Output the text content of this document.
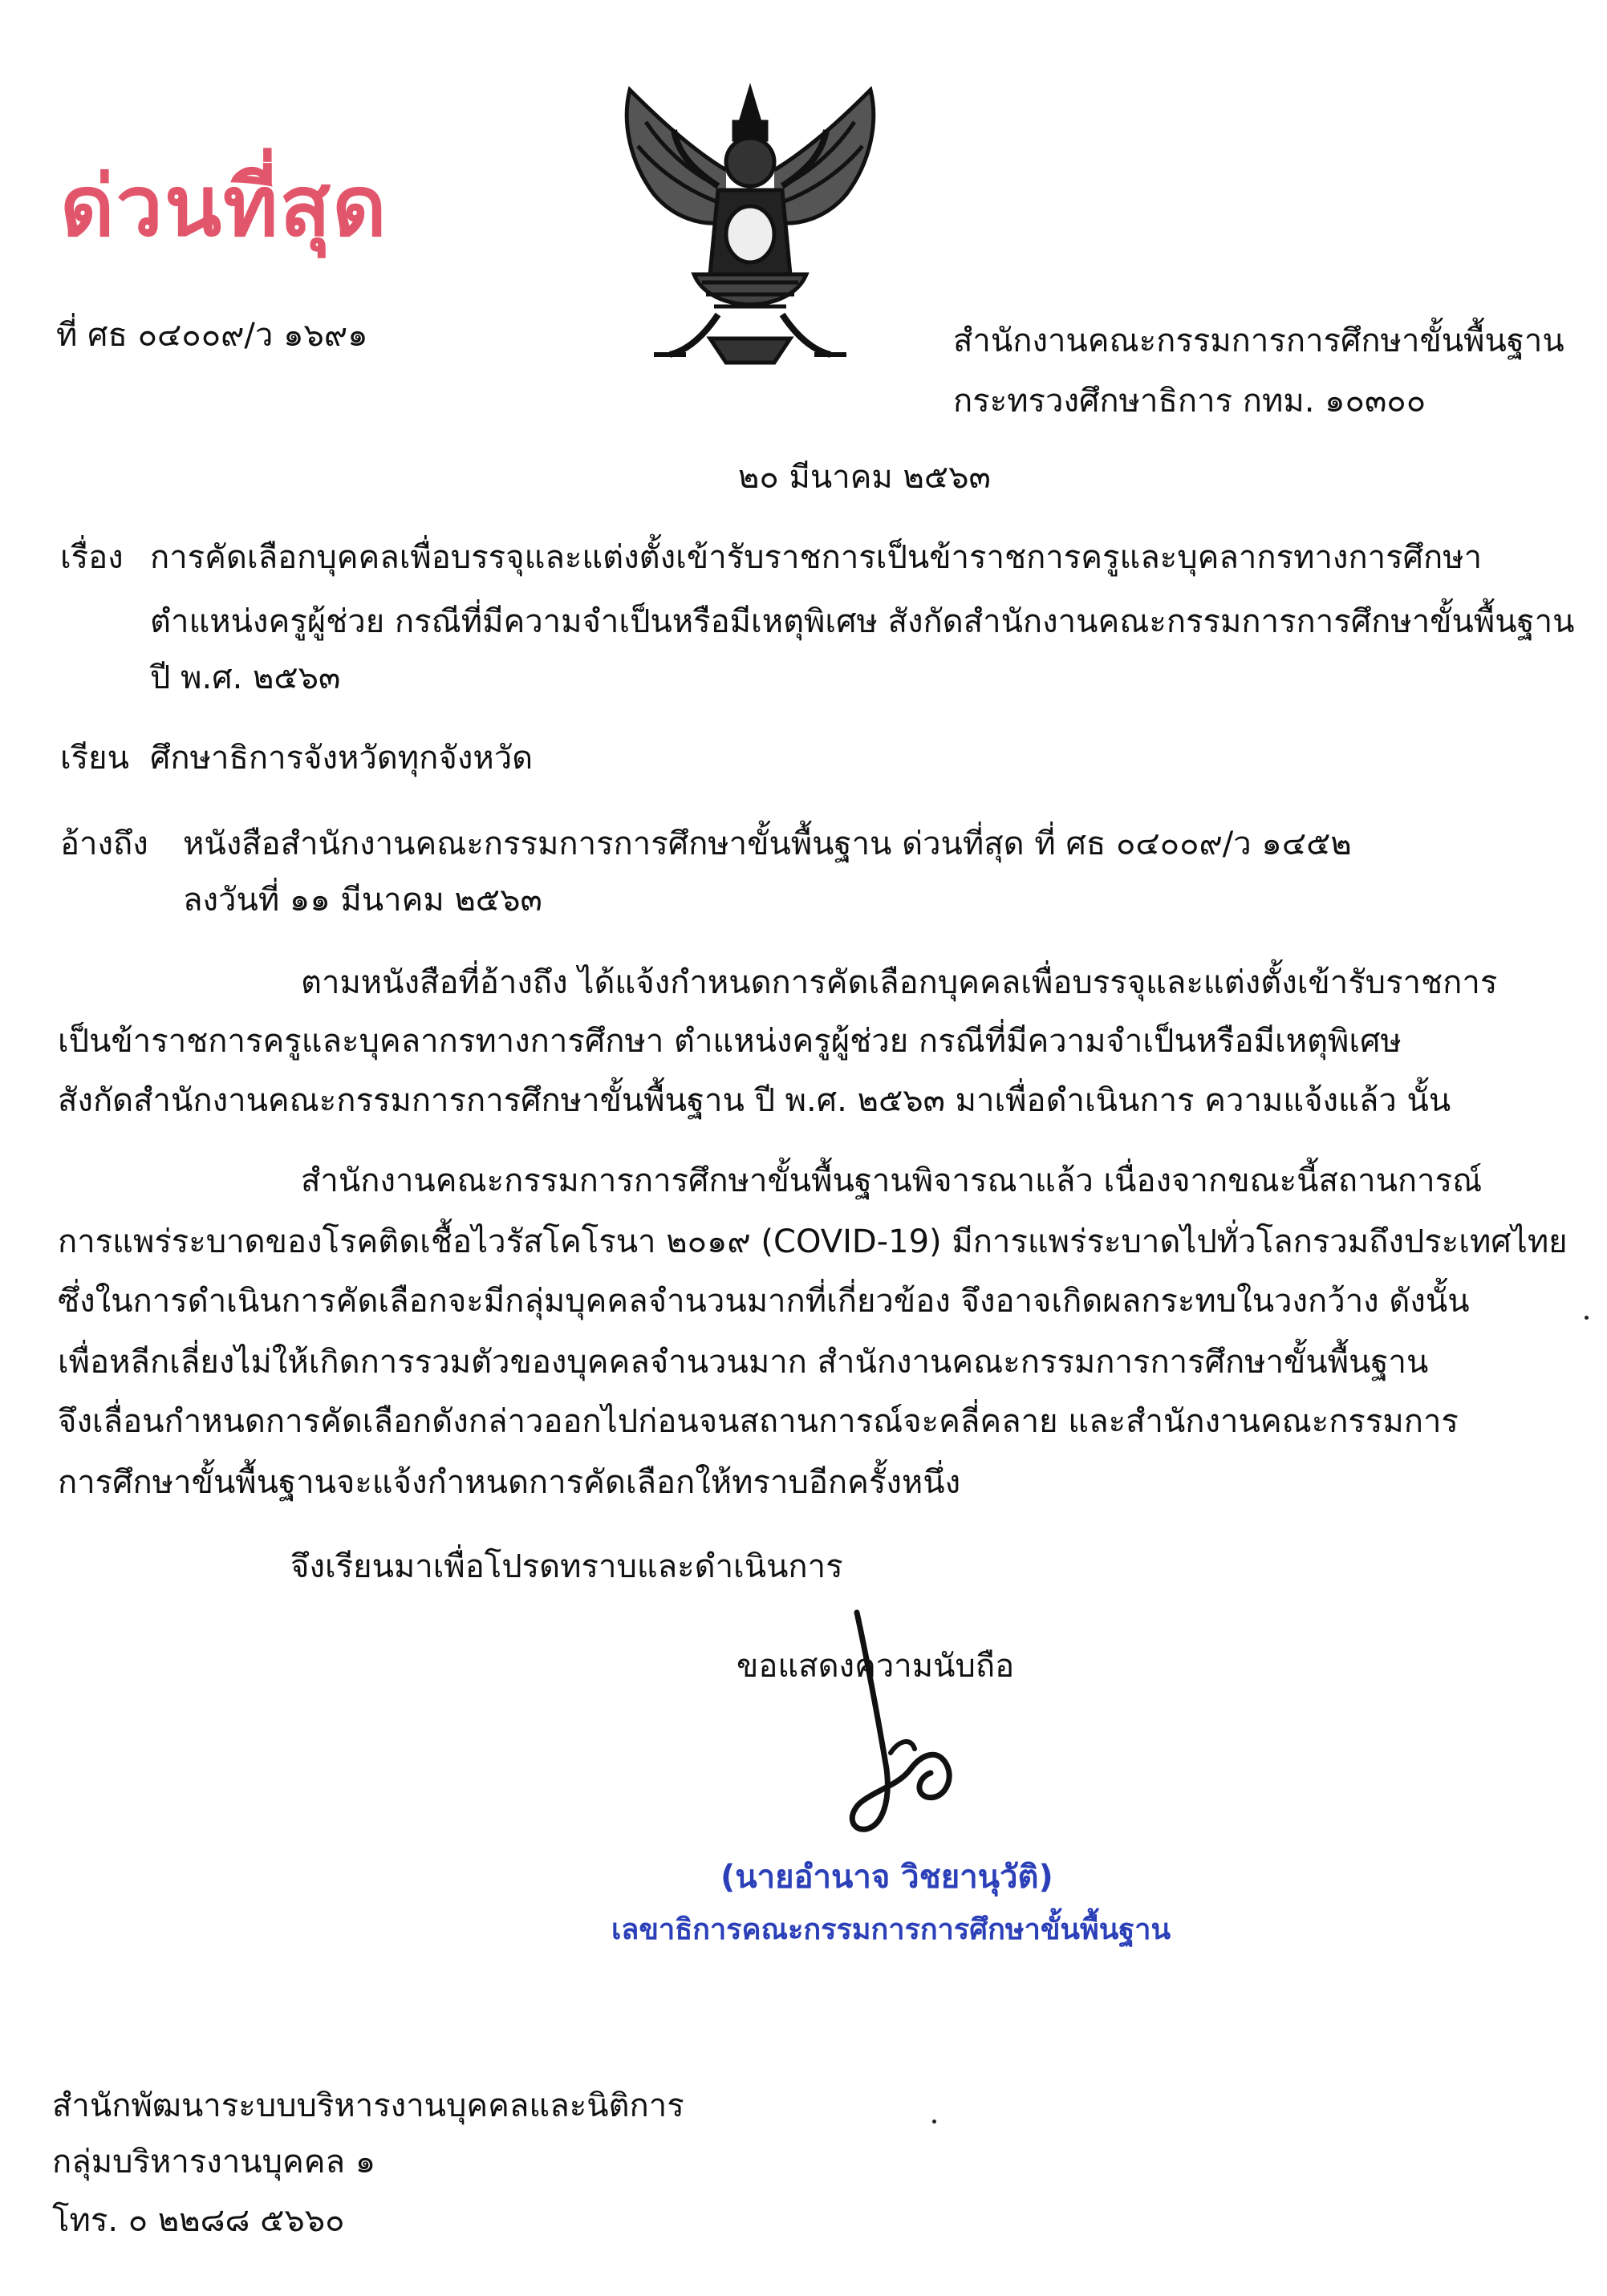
ด่วนที่สุด
ที่ ศธ ๐๔๐๐๙/ว ๑๖๙๑	สำนักงานคณะกรรมการการศึกษาขั้นพื้นฐาน
กระทรวงศึกษาธิการ กทม. ๑๐๓๐๐
๒๐ มีนาคม ๒๕๖๓
เรื่อง การคัดเลือกบุคคลเพื่อบรรจุและแต่งตั้งเข้ารับราชการเป็นข้าราชการครูและบุคลากรทางการศึกษา
ตำแหน่งครูผู้ช่วย กรณีที่มีความจำเป็นหรือมีเหตุพิเศษ สังกัดสำนักงานคณะกรรมการการศึกษาขั้นพื้นฐาน
ปี พ.ศ. ๒๕๖๓
เรียน ศึกษาธิการจังหวัดทุกจังหวัด
อ้างถึง หนังสือสำนักงานคณะกรรมการการศึกษาขั้นพื้นฐาน ด่วนที่สุด ที่ ศธ ๐๔๐๐๙/ว ๑๔๕๒
ลงวันที่ ๑๑ มีนาคม ๒๕๖๓
ตามหนังสือที่อ้างถึง ได้แจ้งกำหนดการคัดเลือกบุคคลเพื่อบรรจุและแต่งตั้งเข้ารับราชการ
เป็นข้าราชการครูและบุคลากรทางการศึกษา ตำแหน่งครูผู้ช่วย กรณีที่มีความจำเป็นหรือมีเหตุพิเศษ
สังกัดสำนักงานคณะกรรมการการศึกษาขั้นพื้นฐาน ปี พ.ศ. ๒๕๖๓ มาเพื่อดำเนินการ ความแจ้งแล้ว นั้น
สำนักงานคณะกรรมการการศึกษาขั้นพื้นฐานพิจารณาแล้ว เนื่องจากขณะนี้สถานการณ์
การแพร่ระบาดของโรคติดเชื้อไวรัสโคโรนา ๒๐๑๙ (COVID-19) มีการแพร่ระบาดไปทั่วโลกรวมถึงประเทศไทย
ซึ่งในการดำเนินการคัดเลือกจะมีกลุ่มบุคคลจำนวนมากที่เกี่ยวข้อง จึงอาจเกิดผลกระทบในวงกว้าง ดังนั้น
เพื่อหลีกเลี่ยงไม่ให้เกิดการรวมตัวของบุคคลจำนวนมาก สำนักงานคณะกรรมการการศึกษาขั้นพื้นฐาน
จึงเลื่อนกำหนดการคัดเลือกดังกล่าวออกไปก่อนจนสถานการณ์จะคลี่คลาย และสำนักงานคณะกรรมการ
การศึกษาขั้นพื้นฐานจะแจ้งกำหนดการคัดเลือกให้ทราบอีกครั้งหนึ่ง
จึงเรียนมาเพื่อโปรดทราบและดำเนินการ
ขอแสดงความนับถือ
(นายอำนาจ วิชยานุวัติ)
เลขาธิการคณะกรรมการการศึกษาขั้นพื้นฐาน
สำนักพัฒนาระบบบริหารงานบุคคลและนิติการ
กลุ่มบริหารงานบุคคล ๑
โทร. ๐ ๒๒๘๘ ๕๖๖๐
